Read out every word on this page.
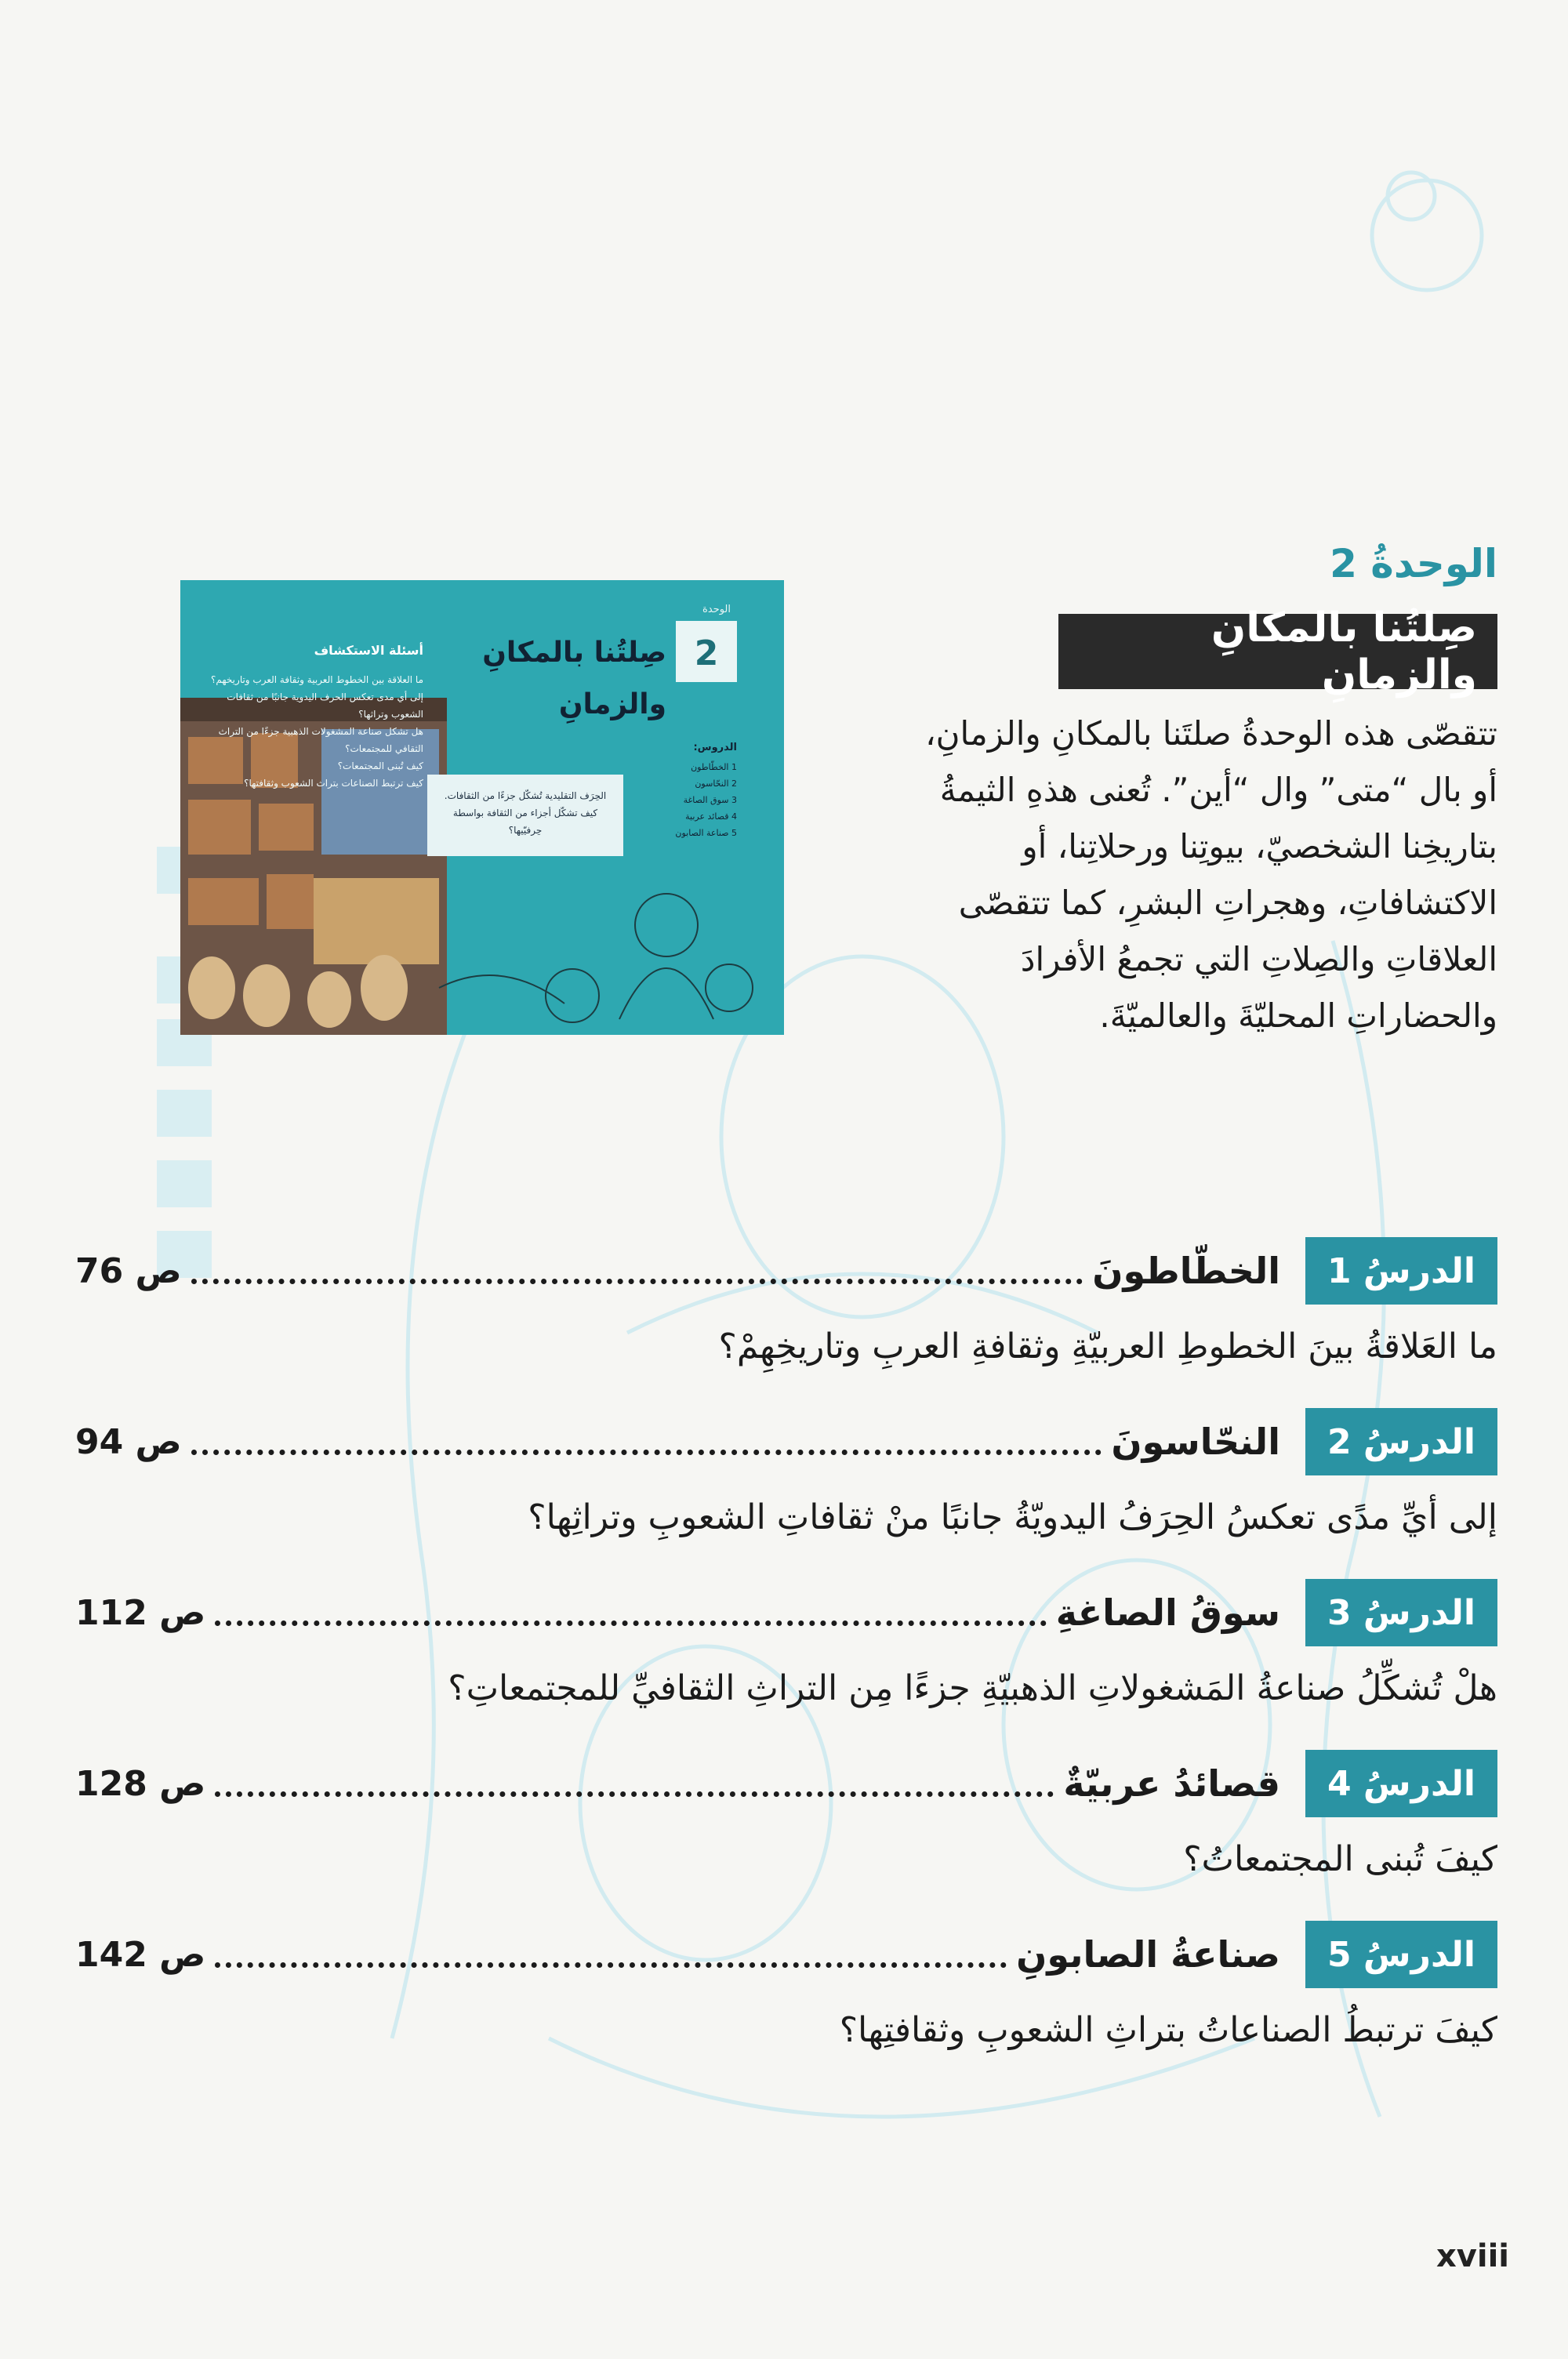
الوحدةُ 2
صِلتُنا بالمكانِ والزمانِ
تتقصّى هذه الوحدةُ صلتَنا بالمكانِ والزمانِ، أو بال “متى” وال “أين”. تُعنى هذهِ الثيمةُ بتاريخِنا الشخصيّ، بيوتِنا ورحلاتِنا، أو الاكتشافاتِ، وهجراتِ البشرِ، كما تتقصّى العلاقاتِ والصِلاتِ التي تجمعُ الأفرادَ والحضاراتِ المحليّةَ والعالميّةَ.
الوحدة
2
صِلتُنا بالمكانِ والزمانِ
أسئلة الاستكشاف
ما العلاقة بين الخطوط العربية وثقافة العرب وتاريخهم؟
إلى أي مدى تعكس الحرف اليدوية جانبًا من ثقافات الشعوب وتراثها؟
هل تشكل صناعة المشغولات الذهبية جزءًا من التراث الثقافي للمجتمعات؟
كيف تُبنى المجتمعات؟
كيف ترتبط الصناعات بتراث الشعوب وثقافتها؟
الدروس:
1 الخطّاطون
2 النحّاسون
3 سوق الصاغة
4 قصائد عربية
5 صناعة الصابون
الحِرَف التقليدية تُشكّل جزءًا من الثقافات. كيف تشكّل أجزاء من الثقافة بواسطة حِرفيّيها؟
الدرسُ 1
الخطّاطونَ
ص 76
ما العَلاقةُ بينَ الخطوطِ العربيّةِ وثقافةِ العربِ وتاريخِهِمْ؟
الدرسُ 2
النحّاسونَ
ص 94
إلى أيِّ مدًى تعكسُ الحِرَفُ اليدويّةُ جانبًا منْ ثقافاتِ الشعوبِ وتراثِها؟
الدرسُ 3
سوقُ الصاغةِ
ص 112
هلْ تُشكِّلُ صناعةُ المَشغولاتِ الذهبيّةِ جزءًا مِن التراثِ الثقافيِّ للمجتمعاتِ؟
الدرسُ 4
قصائدُ عربيّةٌ
ص 128
كيفَ تُبنى المجتمعاتُ؟
الدرسُ 5
صناعةُ الصابونِ
ص 142
كيفَ ترتبطُ الصناعاتُ بتراثِ الشعوبِ وثقافتِها؟
xviii
